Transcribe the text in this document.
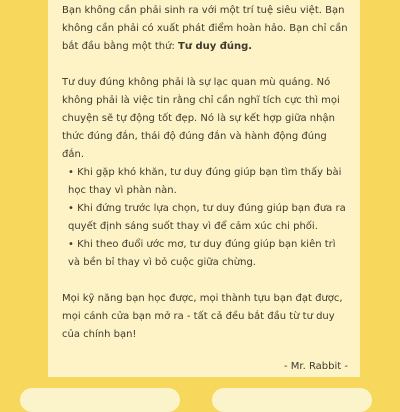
Bạn không cần phải sinh ra với một trí tuệ siêu việt. Bạn không cần phải có xuất phát điểm hoàn hảo. Bạn chỉ cần bắt đầu bằng một thứ: Tư duy đúng.

Tư duy đúng không phải là sự lạc quan mù quáng. Nó không phải là việc tin rằng chỉ cần nghĩ tích cực thì mọi chuyện sẽ tự động tốt đẹp. Nó là sự kết hợp giữa nhận thức đúng đắn, thái độ đúng đắn và hành động đúng đắn.

• Khi gặp khó khăn, tư duy đúng giúp bạn tìm thấy bài học thay vì phàn nàn.
• Khi đứng trước lựa chọn, tư duy đúng giúp bạn đưa ra quyết định sáng suốt thay vì để cảm xúc chi phối.
• Khi theo đuổi ước mơ, tư duy đúng giúp bạn kiên trì và bền bỉ thay vì bỏ cuộc giữa chừng.

Mọi kỹ năng bạn học được, mọi thành tựu bạn đạt được, mọi cánh cửa bạn mở ra - tất cả đều bắt đầu từ tư duy của chính bạn!

- Mr. Rabbit -
